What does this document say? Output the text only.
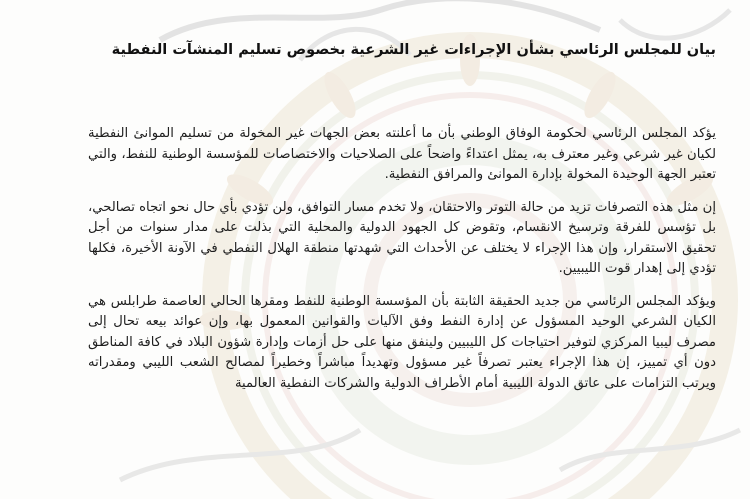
بيان للمجلس الرئاسي بشأن الإجراءات غير الشرعية بخصوص تسليم المنشآت النفطية

يؤكد المجلس الرئاسي لحكومة الوفاق الوطني بأن ما أعلنته بعض الجهات غير المخولة من تسليم الموانئ النفطية لكيان غير شرعي وغير معترف به، يمثل اعتداءً واضحاً على الصلاحيات والاختصاصات للمؤسسة الوطنية للنفط، والتي تعتبر الجهة الوحيدة المخولة بإدارة الموانئ والمرافق النفطية.

إن مثل هذه التصرفات تزيد من حالة التوتر والاحتقان، ولا تخدم مسار التوافق، ولن تؤدي بأي حال نحو اتجاه تصالحي، بل تؤسس للفرقة وترسيخ الانقسام، وتقوض كل الجهود الدولية والمحلية التي بذلت على مدار سنوات من أجل تحقيق الاستقرار، وإن هذا الإجراء لا يختلف عن الأحداث التي شهدتها منطقة الهلال النفطي في الآونة الأخيرة، فكلها تؤدي إلى إهدار قوت الليبيين.

ويؤكد المجلس الرئاسي من جديد الحقيقة الثابتة بأن المؤسسة الوطنية للنفط ومقرها الحالي العاصمة طرابلس هي الكيان الشرعي الوحيد المسؤول عن إدارة النفط وفق الآليات والقوانين المعمول بها، وإن عوائد بيعه تحال إلى مصرف ليبيا المركزي لتوفير احتياجات كل الليبيين ولينفق منها على حل أزمات وإدارة شؤون البلاد في كافة المناطق دون أي تمييز، إن هذا الإجراء يعتبر تصرفاً غير مسؤول وتهديداً مباشراً وخطيراً لمصالح الشعب الليبي ومقدراته ويرتب التزامات على عاتق الدولة الليبية أمام الأطراف الدولية والشركات النفطية العالمية
